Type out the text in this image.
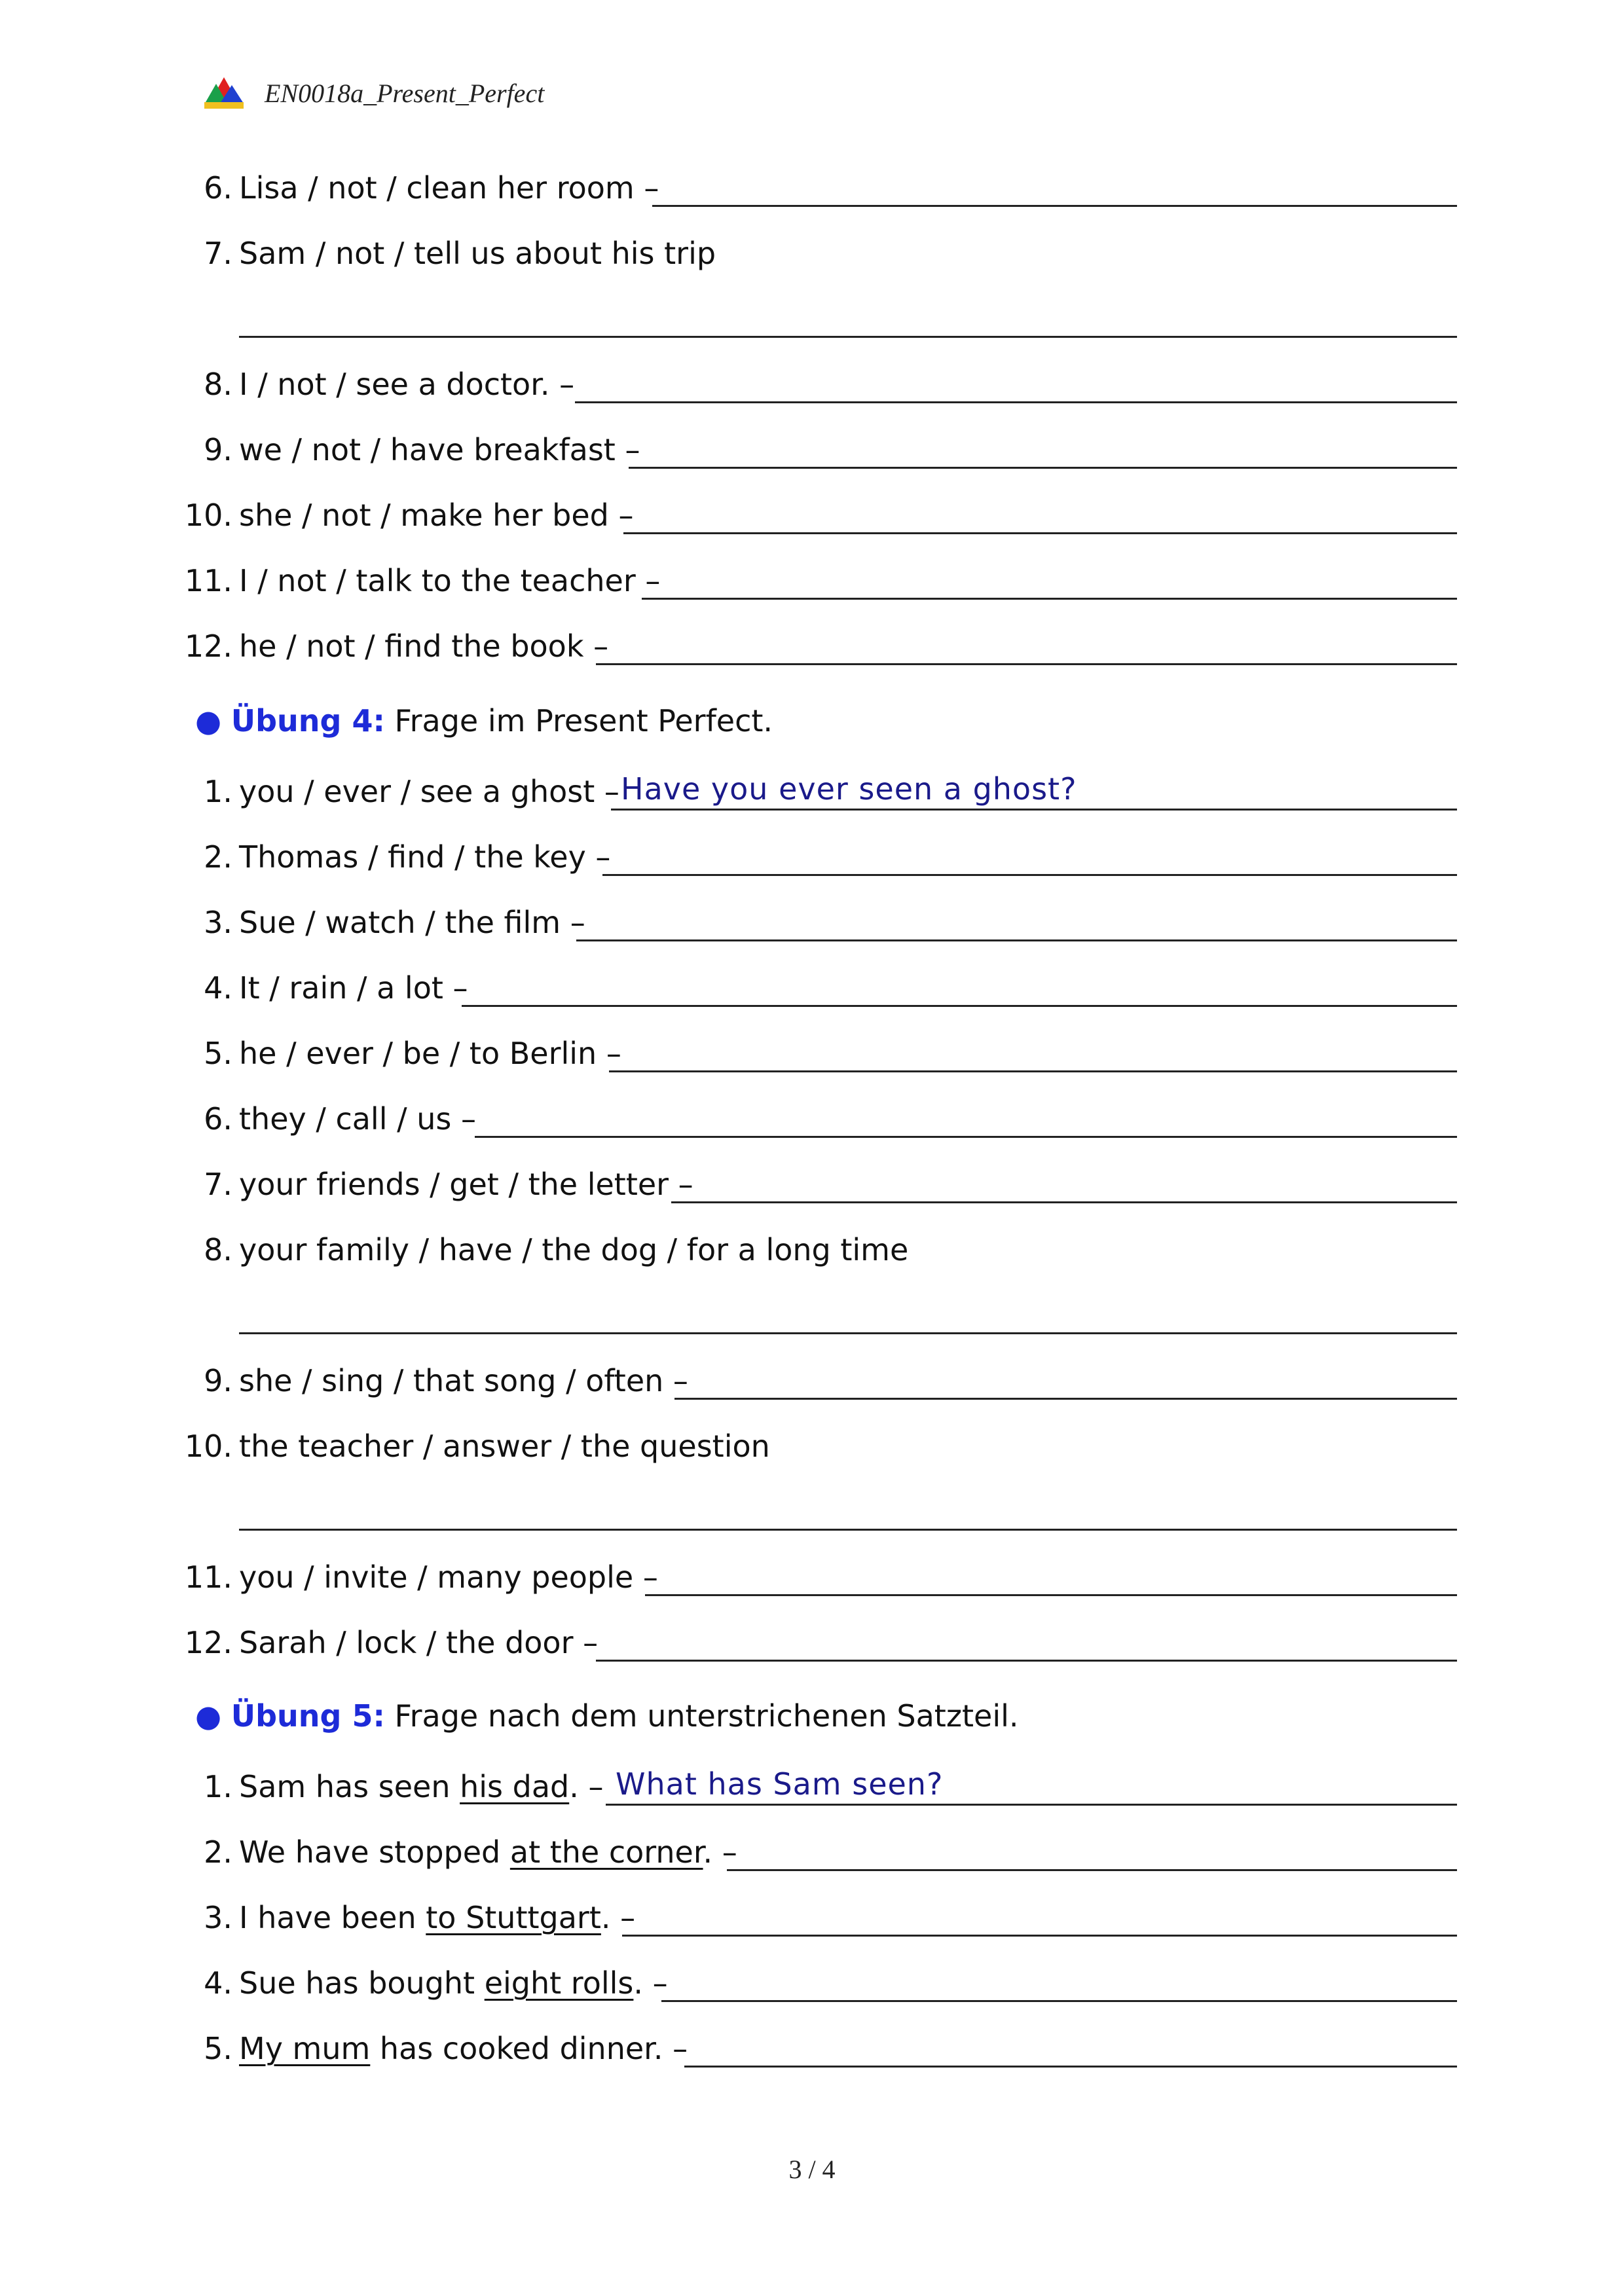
EN0018a_Present_Perfect
6. Lisa / not / clean her room –
7. Sam / not / tell us about his trip
8. I / not / see a doctor. –
9. we / not / have breakfast –
10. she / not / make her bed –
11. I / not / talk to the teacher –
12. he / not / find the book –
● Übung 4: Frage im Present Perfect.
1. you / ever / see a ghost – Have you ever seen a ghost?
2. Thomas / find / the key –
3. Sue / watch / the film –
4. It / rain / a lot –
5. he / ever / be / to Berlin –
6. they / call / us –
7. your friends / get / the letter –
8. your family / have / the dog / for a long time
9. she / sing / that song / often –
10. the teacher / answer / the question
11. you / invite / many people –
12. Sarah / lock / the door –
● Übung 5: Frage nach dem unterstrichenen Satzteil.
1. Sam has seen his dad. – What has Sam seen?
2. We have stopped at the corner. –
3. I have been to Stuttgart. –
4. Sue has bought eight rolls. –
5. My mum has cooked dinner. –
3 / 4
